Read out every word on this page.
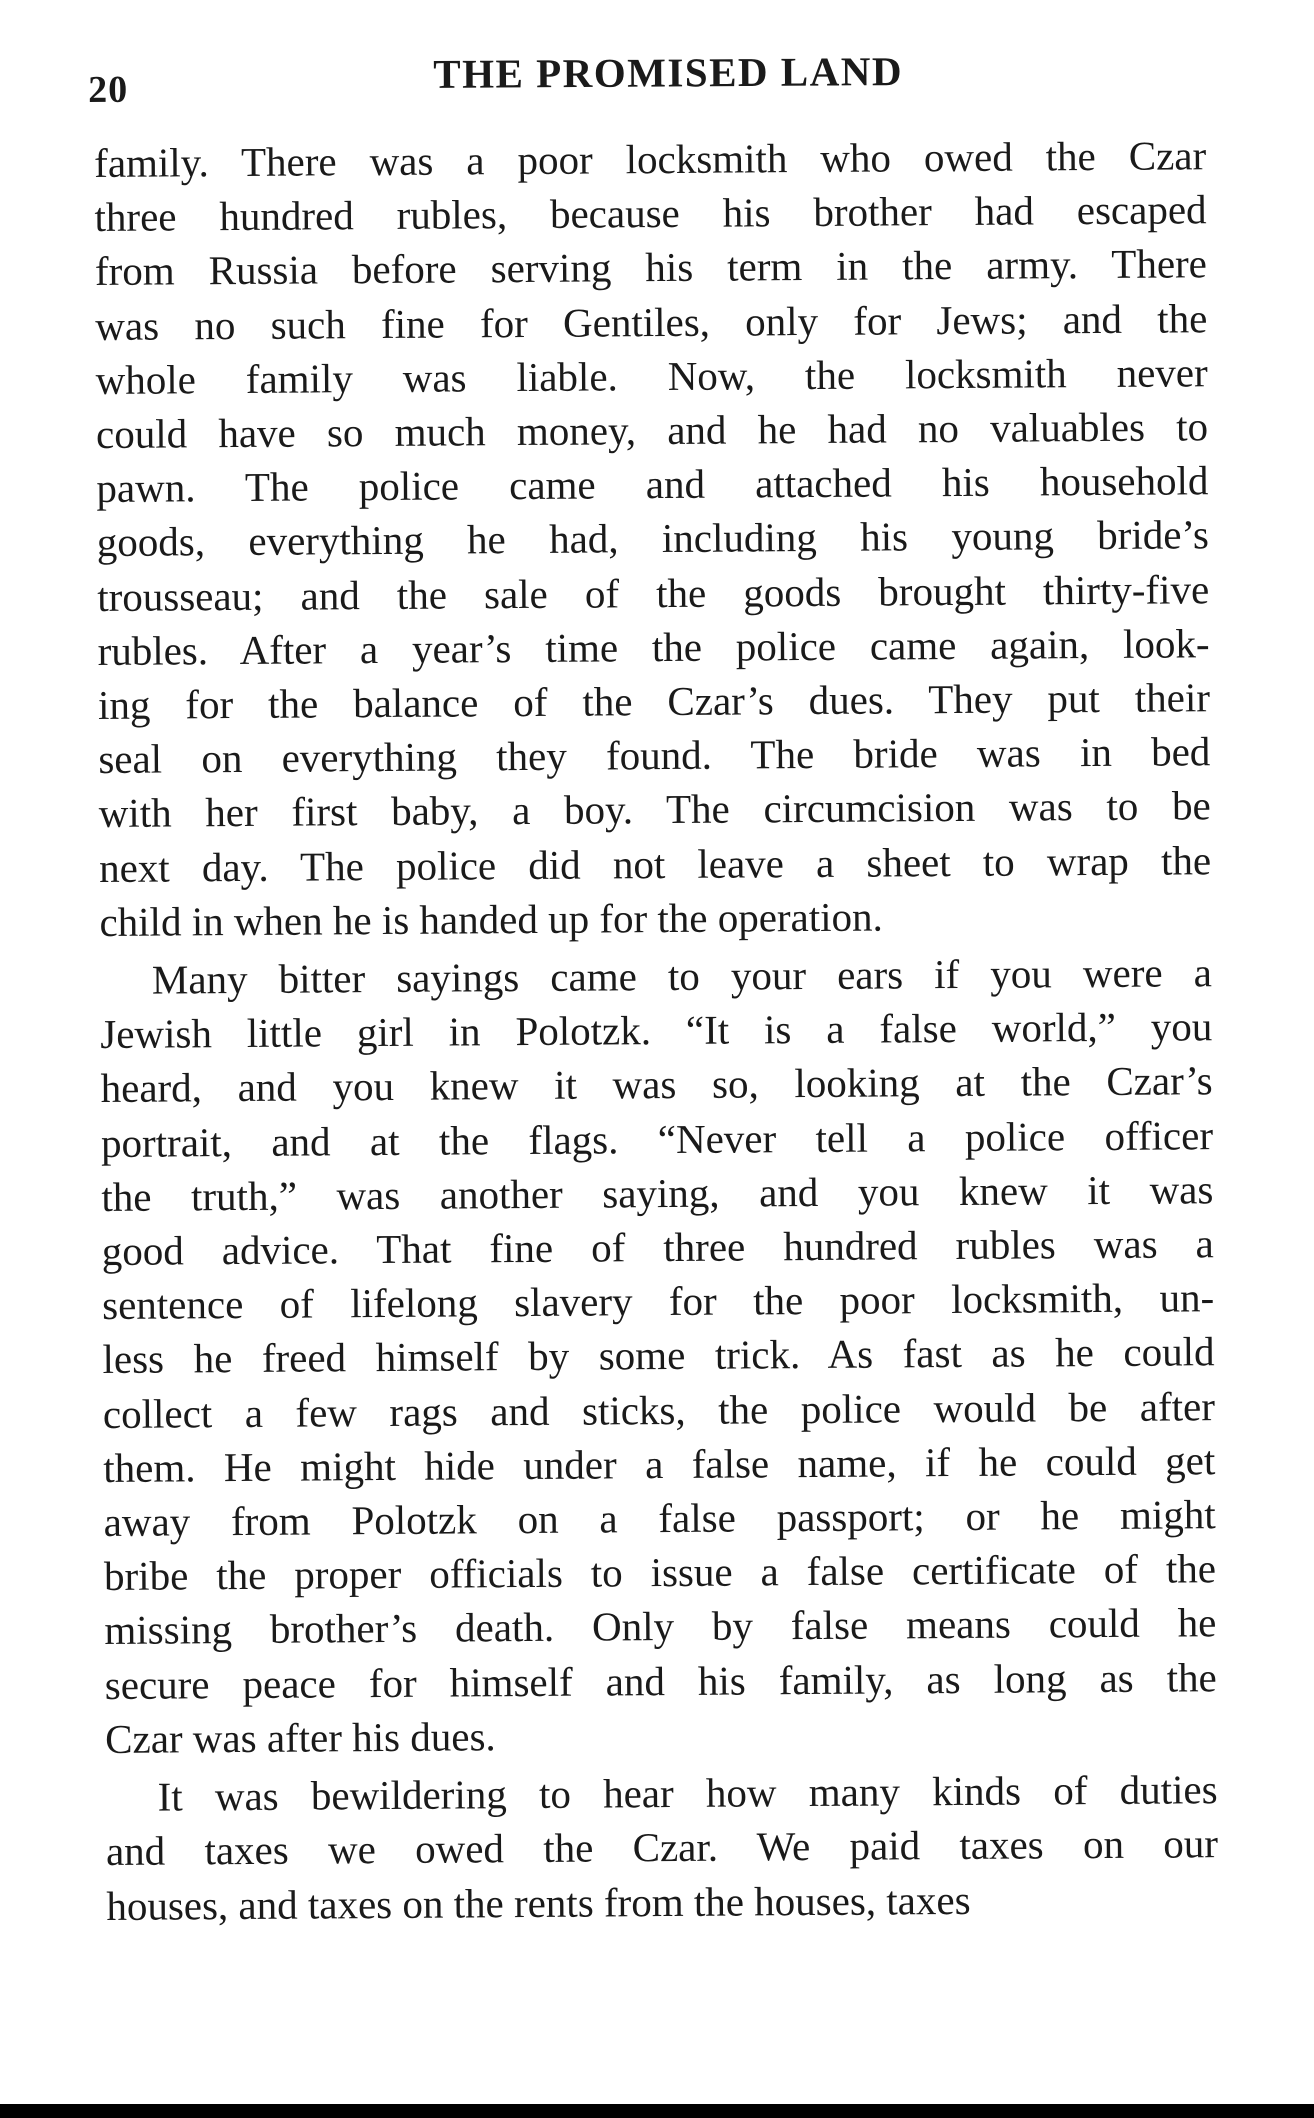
20	THE PROMISED LAND

family. There was a poor locksmith who owed the Czar
three hundred rubles, because his brother had escaped
from Russia before serving his term in the army. There
was no such fine for Gentiles, only for Jews; and the
whole family was liable. Now, the locksmith never
could have so much money, and he had no valuables to
pawn. The police came and attached his household
goods, everything he had, including his young bride’s
trousseau; and the sale of the goods brought thirty-five
rubles. After a year’s time the police came again, look-
ing for the balance of the Czar’s dues. They put their
seal on everything they found. The bride was in bed
with her first baby, a boy. The circumcision was to be
next day. The police did not leave a sheet to wrap the
child in when he is handed up for the operation.

Many bitter sayings came to your ears if you were a
Jewish little girl in Polotzk. “It is a false world,” you
heard, and you knew it was so, looking at the Czar’s
portrait, and at the flags. “Never tell a police officer
the truth,” was another saying, and you knew it was
good advice. That fine of three hundred rubles was a
sentence of lifelong slavery for the poor locksmith, un-
less he freed himself by some trick. As fast as he could
collect a few rags and sticks, the police would be after
them. He might hide under a false name, if he could get
away from Polotzk on a false passport; or he might
bribe the proper officials to issue a false certificate of the
missing brother’s death. Only by false means could he
secure peace for himself and his family, as long as the
Czar was after his dues.

It was bewildering to hear how many kinds of duties
and taxes we owed the Czar. We paid taxes on our
houses, and taxes on the rents from the houses, taxes
